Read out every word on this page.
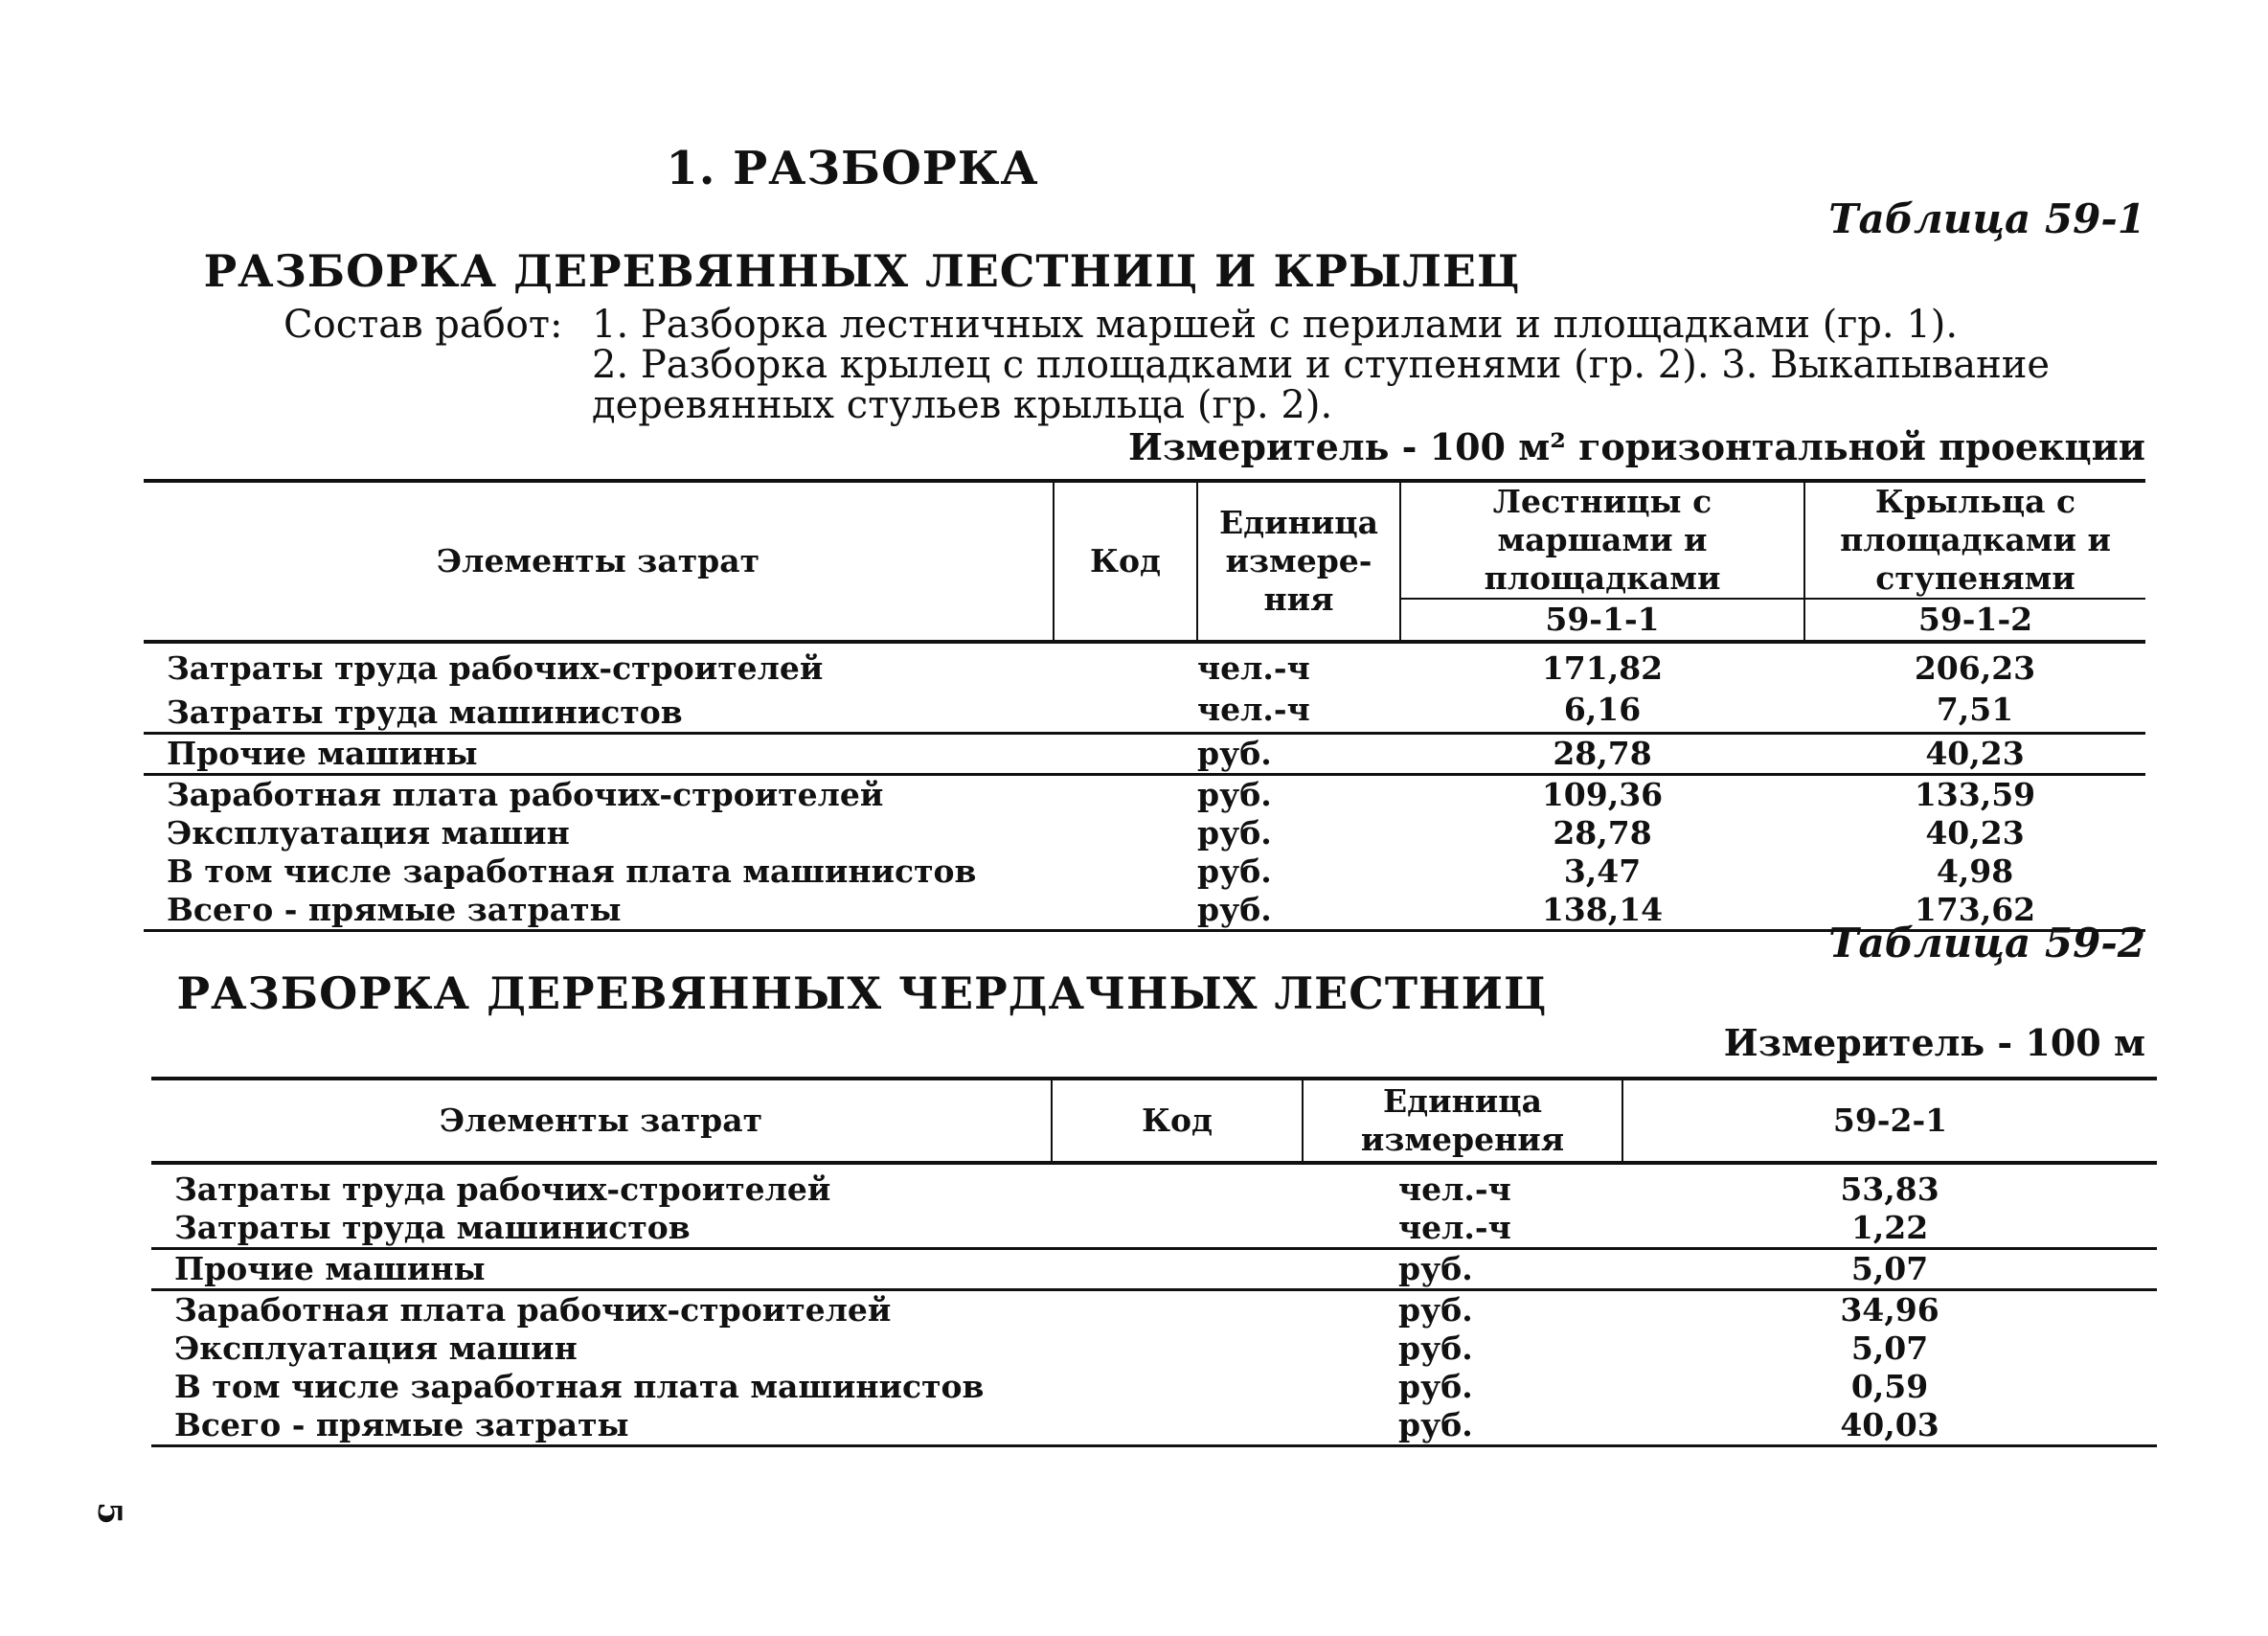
1. РАЗБОРКА
Таблица 59-1
РАЗБОРКА ДЕРЕВЯННЫХ ЛЕСТНИЦ И КРЫЛЕЦ
Состав работ: 1. Разборка лестничных маршей с перилами и площадками (гр. 1).
2. Разборка крылец с площадками и ступенями (гр. 2). 3. Выкапывание
деревянных стульев крыльца (гр. 2).
Измеритель - 100 м² горизонтальной проекции
Элементы затрат	Код	Единица измерения	Лестницы с маршами и площадками	Крыльца с площадками и ступенями
			59-1-1	59-1-2
Затраты труда рабочих-строителей		чел.-ч	171,82	206,23
Затраты труда машинистов		чел.-ч	6,16	7,51
Прочие машины		руб.	28,78	40,23
Заработная плата рабочих-строителей		руб.	109,36	133,59
Эксплуатация машин		руб.	28,78	40,23
В том числе заработная плата машинистов		руб.	3,47	4,98
Всего - прямые затраты		руб.	138,14	173,62
Таблица 59-2
РАЗБОРКА ДЕРЕВЯННЫХ ЧЕРДАЧНЫХ ЛЕСТНИЦ
Измеритель - 100 м
Элементы затрат	Код	Единица измерения	59-2-1
Затраты труда рабочих-строителей		чел.-ч	53,83
Затраты труда машинистов		чел.-ч	1,22
Прочие машины		руб.	5,07
Заработная плата рабочих-строителей		руб.	34,96
Эксплуатация машин		руб.	5,07
В том числе заработная плата машинистов		руб.	0,59
Всего - прямые затраты		руб.	40,03
5
